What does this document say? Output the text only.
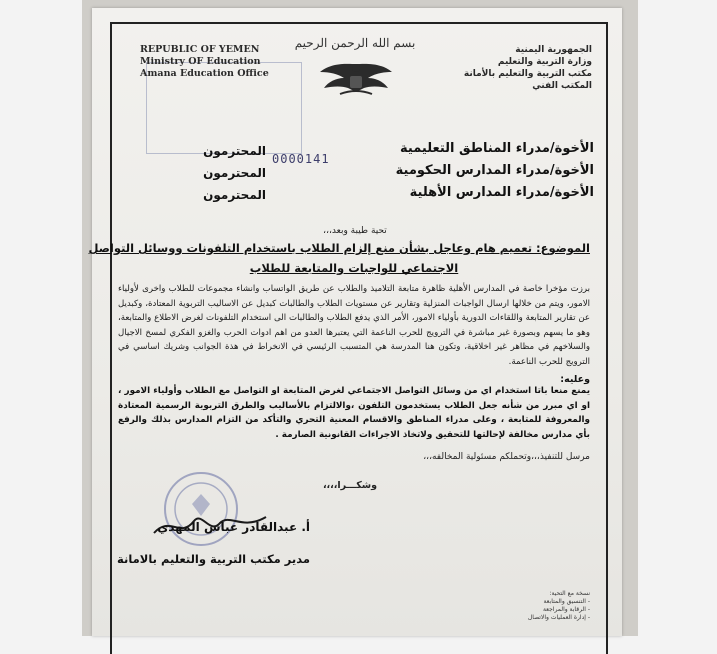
REPUBLIC OF YEMEN
Ministry OF Education
Amana Education Office
بسم الله الرحمن الرحيم	الجمهورية اليمنية
وزارة التربية والتعليم
مكتب التربية والتعليم بالأمانة
المكتب الفني
0000141
الأخوة/مدراء المناطق التعليمية
الأخوة/مدراء المدارس الحكومية
الأخوة/مدراء المدارس الأهلية
المحترمون
المحترمون
المحترمون
تحية طيبة وبعد،،،
الموضوع: تعميم هام وعاجل بشأن منع إلزام الطلاب باستخدام التلفونات ووسائل التواصل
الاجتماعي للواجبات والمتابعة للطلاب
برزت مؤخرا خاصة في المدارس الأهلية ظاهرة متابعة التلاميذ والطلاب عن طريق الواتساب وانشاء مجموعات للطلاب واخرى لأولياء الامور، ويتم من خلالها ارسال الواجبات المنزلية وتقارير عن مستويات الطلاب والطالبات كبديل عن الاساليب التربوية المعتادة، وكبديل عن تقارير المتابعة واللقاءات الدورية بأولياء الامور، الأمر الذي يدفع الطلاب والطالبات الى استخدام التلفونات لغرض الاطلاع والمتابعة، وهو ما يسهم وبصورة غير مباشرة في الترويج للحرب الناعمة التي يعتبرها العدو من اهم ادوات الحرب والغزو الفكري لمسخ الاجيال والسلاخهم في مظاهر غير اخلاقية، وتكون هنا المدرسة هي المتسبب الرئيسي في الانخراط في هذة الجوانب وشريك اساسي في الترويج للحرب الناعمة.
وعليه:
يمنع منعا باتا استخدام اي من وسائل التواصل الاجتماعي لغرض المتابعة او التواصل مع الطلاب وأولياء الامور ، او اي مبرر من شأنه جعل الطلاب يستخدمون التلفون ،والالتزام بالأساليب والطرق التربوية الرسمية المعتادة والمعروفة للمتابعة ، وعلى مدراء المناطق والاقسام المعنية التحري والتأكد من التزام المدارس بذلك والرفع بأي مدارس مخالفة لإحالتها للتحقيق ولاتخاذ الاجراءات القانونية الصارمة .
مرسل للتنفيذ،،،وتحملكم مسئولية المخالفه،،،
وشكـــرا،،،،
أ. عبدالقادر عباس المهدي
مدير مكتب التربية والتعليم بالامانة
نسخة مع التحية:
- التنسيق والمتابعة
- الرقابة والمراجعة
- إدارة العمليات والاتصال
